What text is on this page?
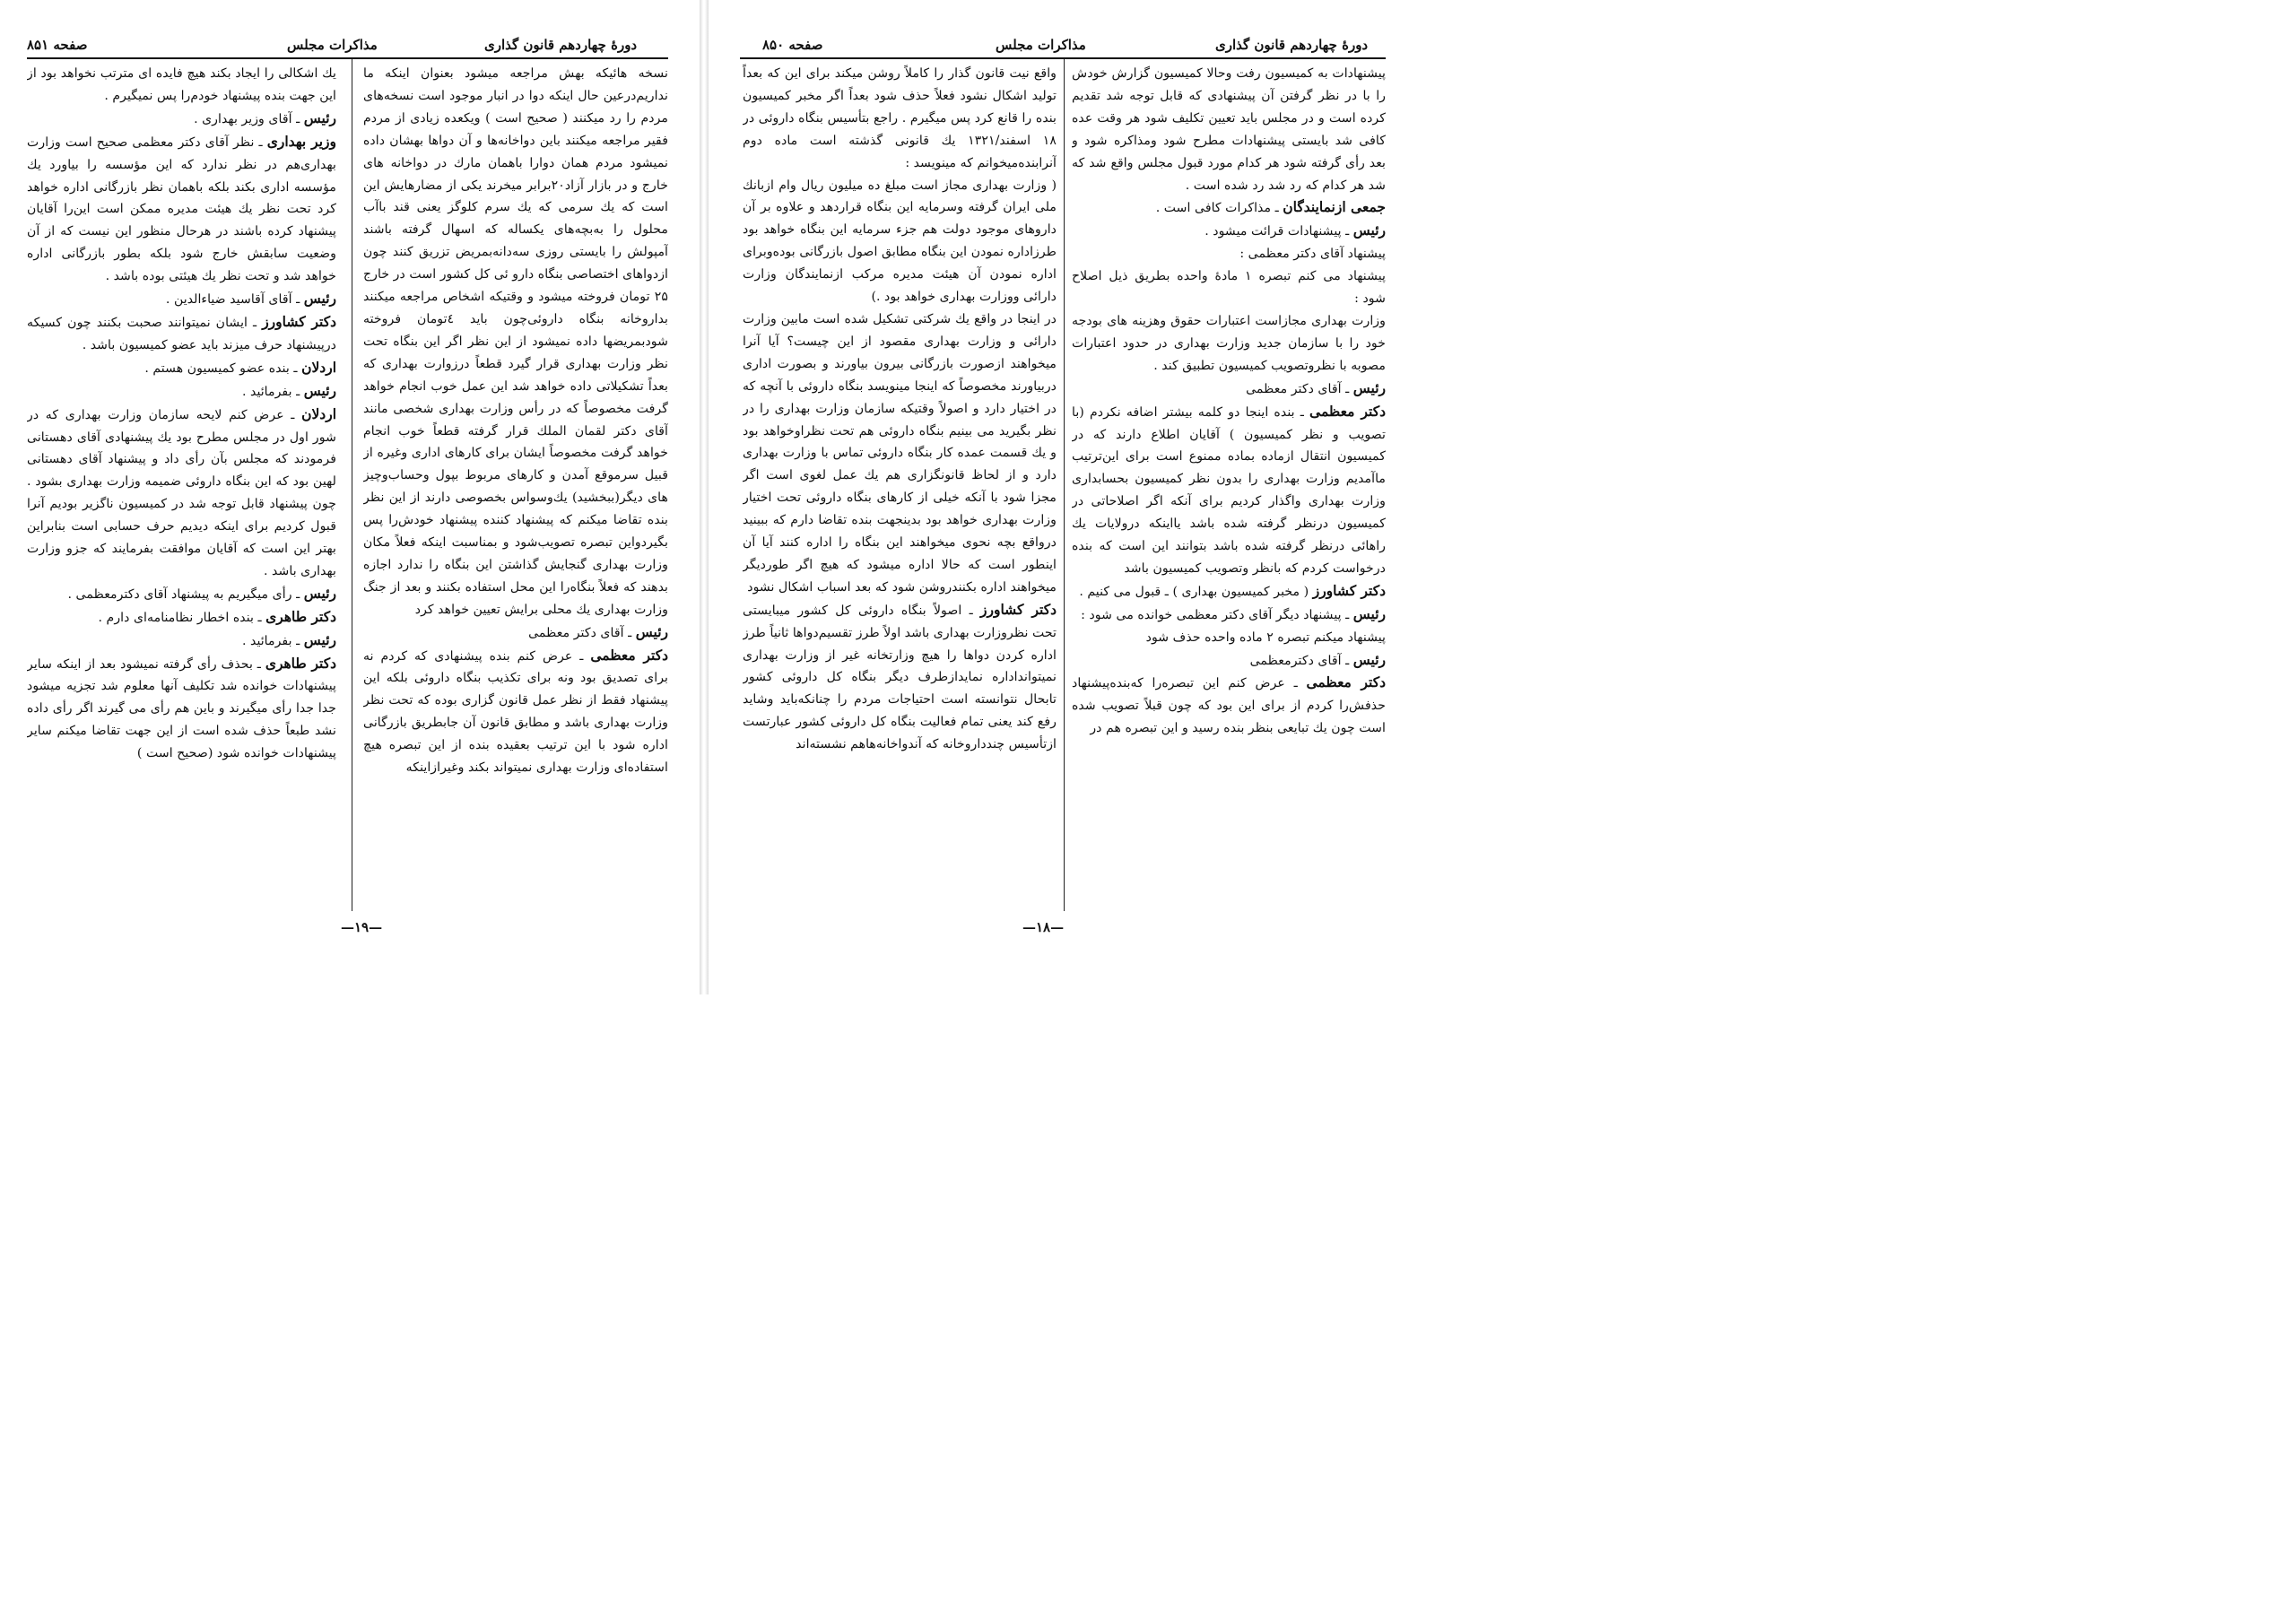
صفحه ۸۵۱	مذاکرات مجلس	دورهٔ چهاردهم قانون گذاری

یك اشکالی را ایجاد بکند هیچ فایده ای مترتب نخواهد بود از این جهت بنده پیشنهاد خودم‌را پس نمیگیرم .

رئیس ـ آقای وزیر بهداری .

وزیر بهداری ـ نظر آقای دکتر معظمی صحیح است وزارت بهداری‌هم در نظر ندارد که این مؤسسه را بیاورد یك مؤسسه اداری بکند بلکه باهمان نظر بازرگانی اداره خواهد کرد تحت نظر یك هیئت مدیره ممکن است این‌را آقایان پیشنهاد کرده باشند در هرحال منظور این نیست که از آن وضعیت سابقش خارج شود بلکه بطور بازرگانی اداره خواهد شد و تحت نظر یك هیئتی بوده باشد .

رئیس ـ آقای آقاسید ضیاءالدین .

دکتر کشاورز ـ ایشان نمیتوانند صحبت بکنند چون کسیکه درپیشنهاد حرف میزند باید عضو کمیسیون باشد .

اردلان ـ بنده عضو کمیسیون هستم .

رئیس ـ بفرمائید .

اردلان ـ عرض کنم لایحه سازمان وزارت بهداری که در شور اول در مجلس مطرح بود یك پیشنهادی آقای دهستانی فرمودند که مجلس بآن رأی داد و پیشنهاد آقای دهستانی لهین بود که این بنگاه داروئی ضمیمه وزارت بهداری بشود . چون پیشنهاد قابل توجه شد در کمیسیون ناگزیر بودیم آنرا قبول کردیم برای اینکه دیدیم حرف حسابی است بنابراین بهتر این است که آقایان موافقت بفرمایند که جزو وزارت بهداری باشد .

رئیس ـ رأی میگیریم به پیشنهاد آقای دکترمعظمی .

دکتر طاهری ـ بنده اخطار نظامنامه‌ای دارم .

رئیس ـ بفرمائید .

دکتر طاهری ـ بحذف رأی گرفته نمیشود بعد از اینکه سایر پیشنهادات خوانده شد تکلیف آنها معلوم شد تجزیه میشود جدا جدا رأی میگیرند و باین هم رأی می گیرند اگر رأی داده نشد طبعاً حذف شده است از این جهت تقاضا میکنم سایر پیشنهادات خوانده شود (صحیح است )

نسخه هائیکه بهش مراجعه میشود بعنوان اینکه ما نداریم‌درعین حال اینکه دوا در انبار موجود است نسخه‌های مردم را رد میکنند ( صحیح است ) ویکعده زیادی از مردم فقیر مراجعه میکنند باین دواخانه‌ها و آن دواها بهشان داده نمیشود مردم همان دوارا باهمان مارك در دواخانه های خارج و در بازار آزاد۲۰برابر میخرند یکی از مضارهایش این است که یك سرمی که یك سرم کلوگز یعنی قند باآب محلول را به‌بچه‌های یکساله که اسهال گرفته باشند آمپولش را بایستی روزی سه‌دانه‌بمریض تزریق کنند چون ازدواهای اختصاصی بنگاه دارو ئی کل کشور است در خارج ۲۵ تومان فروخته میشود و وقتیکه اشخاص مراجعه میکنند بداروخانه بنگاه داروئی‌چون باید ٤تومان فروخته شودبمریضها داده نمیشود از این نظر اگر این بنگاه تحت نظر وزارت بهداری قرار گیرد قطعاً درزوارت بهداری که بعداً تشکیلاتی داده خواهد شد این عمل خوب انجام خواهد گرفت مخصوصاً که در رأس وزارت بهداری شخصی مانند آقای دکتر لقمان الملك قرار گرفته قطعاً خوب انجام خواهد گرفت مخصوصاً ایشان برای کارهای اداری وغیره از قبیل سرموقع آمدن و کارهای مربوط بپول وحساب‌وچیز های دیگر(ببخشید) یك‌وسواس بخصوصی دارند از این نظر بنده تقاضا میکنم که پیشنهاد کننده پیشنهاد خودش‌را پس بگیرد‌واین تبصره تصویب‌شود و بمناسبت اینکه فعلاً مکان وزارت بهداری گنجایش گذاشتن این بنگاه را ندارد اجازه بدهند که فعلاً بنگاه‌را این محل استفاده بکنند و بعد از جنگ وزارت بهداری یك محلی برایش تعیین خواهد کرد

رئیس ـ آقای دکتر معظمی

دکتر معظمی ـ عرض کنم بنده پیشنهادی که کردم نه برای تصدیق بود ونه برای تکذیب بنگاه داروئی بلکه این پیشنهاد فقط از نظر عمل قانون گزاری بوده که تحت نظر وزارت بهداری باشد و مطابق قانون آن جابطریق بازرگانی اداره شود با این ترتیب بعقیده بنده از این تبصره هیچ استفاده‌ای وزارت بهداری نمیتواند بکند وغیرازاینکه

—۱۹—
دورهٔ چهاردهم قانون گذاری
مذاکرات مجلس
صفحه ۸۵۰

واقع نیت قانون گذار را کاملاً روشن میکند برای این که بعداً تولید اشکال نشود فعلاً حذف شود بعداً اگر مخبر کمیسیون بنده را قانع کرد پس میگیرم . راجع بتأسیس بنگاه داروئی در ۱۸ اسفند/۱۳۲۱ یك قانونی گذشته است ماده دوم آنرابنده‌میخوانم که مینویسد :

( وزارت بهداری مجاز است مبلغ ده میلیون ریال وام ازبانك ملی ایران گرفته وسرمایه این بنگاه قراردهد و علاوه بر آن داروهای موجود دولت هم جزء سرمایه این بنگاه خواهد بود طرزاداره نمودن این بنگاه مطابق اصول بازرگانی بوده‌وبرای اداره نمودن آن هیئت مدیره مرکب ازنمایندگان وزارت دارائی ووزارت بهداری خواهد بود .)

در اینجا در واقع یك شرکتی تشکیل شده است مابین وزارت دارائی و وزارت بهداری مقصود از این چیست؟ آیا آنرا میخواهند ازصورت بازرگانی بیرون بیاورند و بصورت اداری دربیاورند مخصوصاً که اینجا مینویسد بنگاه داروئی با آنچه که در اختیار دارد و اصولاً وقتیکه سازمان وزارت بهداری را در نظر بگیرید می بینیم بنگاه داروئی هم تحت نظراوخواهد بود و یك قسمت عمده کار بنگاه داروئی تماس با وزارت بهداری دارد و از لحاظ قانونگزاری هم یك عمل لغوی است اگر مجزا شود با آنکه خیلی از کارهای بنگاه داروئی تحت اختیار وزارت بهداری خواهد بود بدینجهت بنده تقاضا دارم که ببینید درواقع بچه نحوی میخواهند این بنگاه را اداره کنند آیا آن اینطور است که حالا اداره میشود که هیچ اگر طوردیگر میخواهند اداره بکنندروشن شود که بعد اسباب اشکال نشود

دکتر کشاورز ـ اصولاً بنگاه داروئی کل کشور میبایستی تحت نظروزارت بهداری باشد اولاً طرز تقسیم‌دواها ثانیاً طرز اداره کردن دواها را هیچ وزارتخانه غیر از وزارت بهداری نمیتوانداداره نمایدازطرف دیگر بنگاه کل داروئی کشور تابحال نتوانسته است احتیاجات مردم را چنانکه‌باید وشاید رفع کند یعنی تمام فعالیت بنگاه کل داروئی کشور عبارتست ازتأسیس چندداروخانه که آندواخانه‌هاهم نشسته‌اند

پیشنهادات به کمیسیون رفت وحالا کمیسیون گزارش خودش را با در نظر گرفتن آن پیشنهادی که قابل توجه شد تقدیم کرده است و در مجلس باید تعیین تکلیف شود هر وقت عده کافی شد بایستی پیشنهادات مطرح شود ومذاکره شود و بعد رأی گرفته شود هر کدام مورد قبول مجلس واقع شد که شد هر کدام که رد شد رد شده است .

جمعی ازنمایندگان ـ مذاکرات کافی است .

رئیس ـ پیشنهادات قرائت میشود .

پیشنهاد آقای دکتر معظمی :

پیشنهاد می کنم تبصره ۱ مادهٔ واحده بطریق ذیل اصلاح شود :

وزارت بهداری مجازاست اعتبارات حقوق وهزینه های بودجه خود را با سازمان جدید وزارت بهداری در حدود اعتبارات مصوبه با نظروتصویب کمیسیون تطبیق کند .

رئیس ـ آقای دکتر معظمی

دکتر معظمی ـ بنده اینجا دو کلمه بیشتر اضافه نکردم (با تصویب و نظر کمیسیون ) آقایان اطلاع دارند که در کمیسیون انتقال ازماده بماده ممنوع است برای این‌ترتیب ما‌آمدیم وزارت بهداری را بدون نظر کمیسیون بحسابداری وزارت بهداری واگذار کردیم برای آنکه اگر اصلاحاتی در کمیسیون درنظر گرفته شده باشد یااینکه درولایات یك راهائی درنظر گرفته شده باشد بتوانند این است که بنده درخواست کردم که بانظر وتصویب کمیسیون باشد

دکتر کشاورز ( مخبر کمیسیون بهداری ) ـ قبول می کنیم .

رئیس ـ پیشنهاد دیگر آقای دکتر معظمی خوانده می شود :

پیشنهاد میکنم تبصره ۲ ماده واحده حذف شود

رئیس ـ آقای دکترمعظمی

دکتر معظمی ـ عرض کنم این تبصره‌را که‌بنده‌پیشنهاد حذفش‌را کردم ‌از برای این بود که چون قبلاً تصویب شده است چون یك تبایعی بنظر بنده رسید و این تبصره هم در

—۱۸—
